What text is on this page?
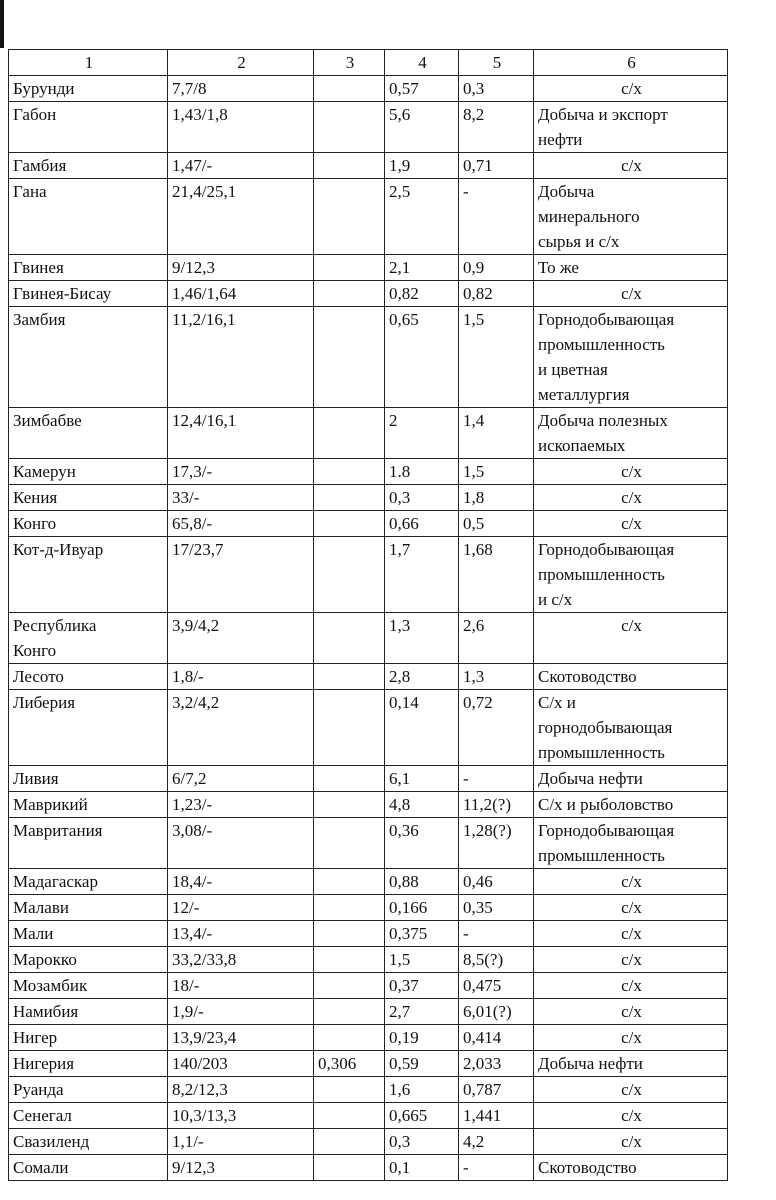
1	2	3	4	5	6
Бурунди	7,7/8		0,57	0,3	с/х
Габон	1,43/1,8		5,6	8,2	Добыча и экспорт
нефти
Гамбия	1,47/-		1,9	0,71	с/х
Гана	21,4/25,1		2,5	-	Добыча
минерального
сырья и с/х
Гвинея	9/12,3		2,1	0,9	То же
Гвинея-Бисау	1,46/1,64		0,82	0,82	с/х
Замбия	11,2/16,1		0,65	1,5	Горнодобывающая
промышленность
и цветная
металлургия
Зимбабве	12,4/16,1		2	1,4	Добыча полезных
ископаемых
Камерун	17,3/-		1.8	1,5	с/х
Кения	33/-		0,3	1,8	с/х
Конго	65,8/-		0,66	0,5	с/х
Кот-д-Ивуар	17/23,7		1,7	1,68	Горнодобывающая
промышленность
и с/х
Республика
Конго	3,9/4,2		1,3	2,6	с/х
Лесото	1,8/-		2,8	1,3	Скотоводство
Либерия	3,2/4,2		0,14	0,72	С/х и
горнодобывающая
промышленность
Ливия	6/7,2		6,1	-	Добыча нефти
Маврикий	1,23/-		4,8	11,2(?)	С/х и рыболовство
Мавритания	3,08/-		0,36	1,28(?)	Горнодобывающая
промышленность
Мадагаскар	18,4/-		0,88	0,46	с/х
Малави	12/-		0,166	0,35	с/х
Мали	13,4/-		0,375	-	с/х
Марокко	33,2/33,8		1,5	8,5(?)	с/х
Мозамбик	18/-		0,37	0,475	с/х
Намибия	1,9/-		2,7	6,01(?)	с/х
Нигер	13,9/23,4		0,19	0,414	с/х
Нигерия	140/203	0,306	0,59	2,033	Добыча нефти
Руанда	8,2/12,3		1,6	0,787	с/х
Сенегал	10,3/13,3		0,665	1,441	с/х
Свазиленд	1,1/-		0,3	4,2	с/х
Сомали	9/12,3		0,1	-	Скотоводство
